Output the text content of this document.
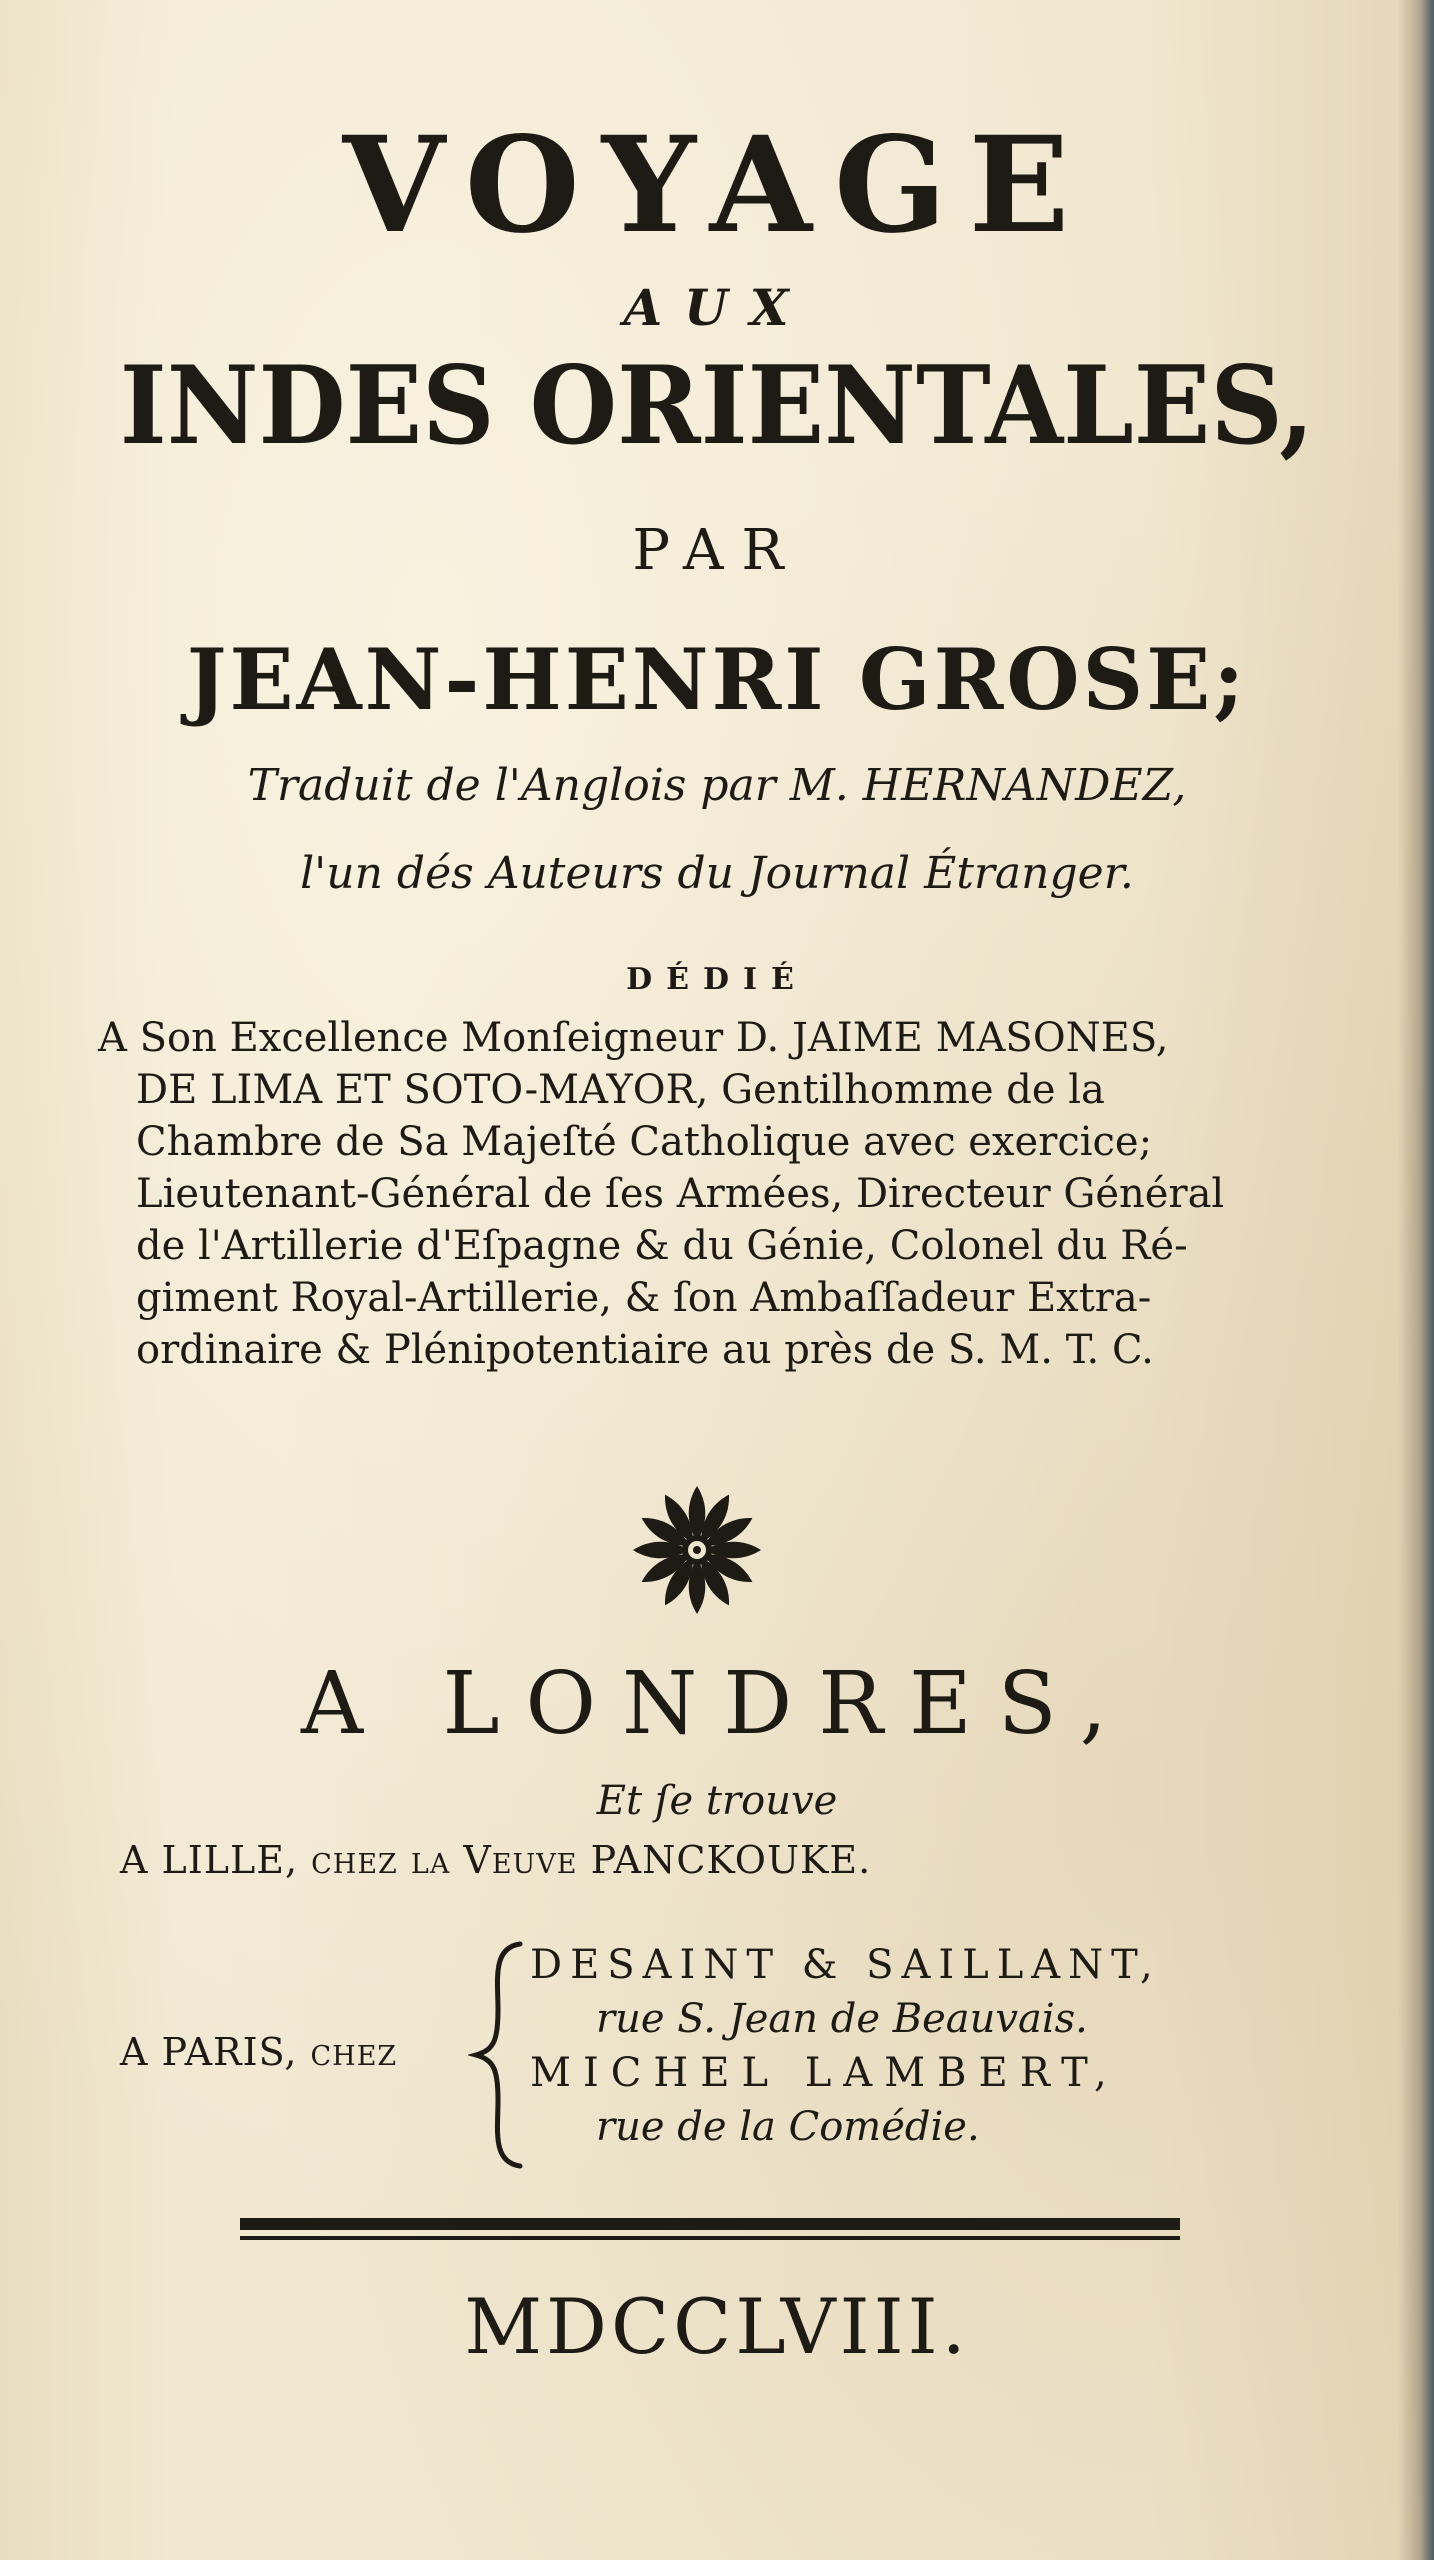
VOYAGE
AUX
INDES ORIENTALES,
PAR
JEAN-HENRI GROSE;
Traduit de l'Anglois par M. HERNANDEZ,
l'un dés Auteurs du Journal Étranger.
DÉDIÉ
A Son Excellence Monſeigneur D. JAIME MASONES,
DE LIMA ET SOTO-MAYOR, Gentilhomme de la
Chambre de Sa Majeſté Catholique avec exercice;
Lieutenant-Général de ſes Armées, Directeur Général
de l'Artillerie d'Eſpagne & du Génie, Colonel du Ré-
giment Royal-Artillerie, & ſon Ambaſſadeur Extra-
ordinaire & Plénipotentiaire au près de S. M. T. C.
A LONDRES,
Et ſe trouve
A LILLE, chez la Veuve PANCKOUKE.
A PARIS, chez
DESAINT & SAILLANT,
rue S. Jean de Beauvais.
MICHEL LAMBERT,
rue de la Comédie.
MDCCLVIII.
